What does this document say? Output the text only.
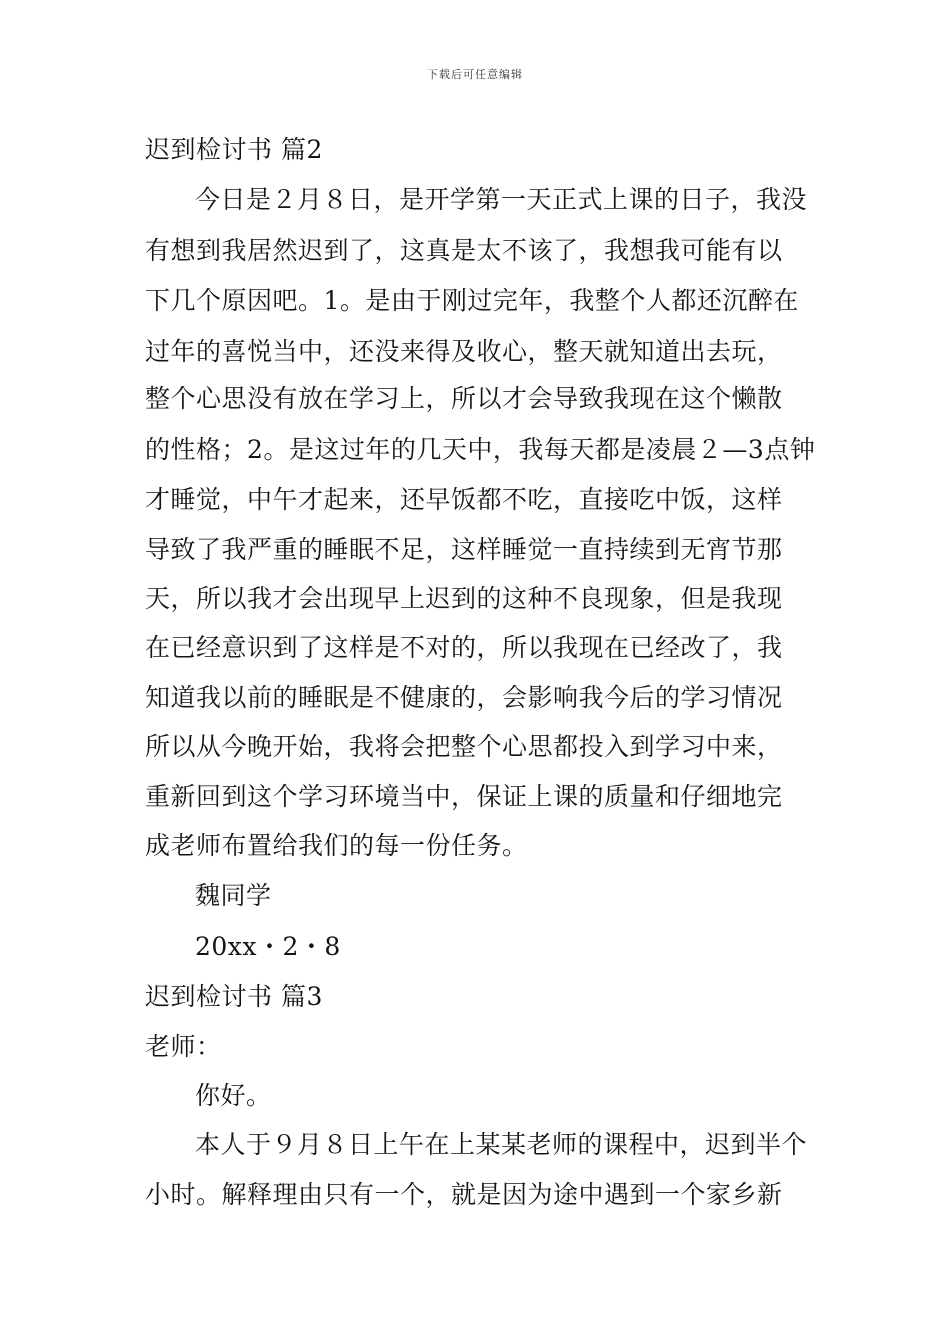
下载后可任意编辑
迟到检讨书 篇2
今日是２月８日，是开学第一天正式上课的日子，我没
有想到我居然迟到了，这真是太不该了，我想我可能有以
下几个原因吧。1。是由于刚过完年，我整个人都还沉醉在
过年的喜悦当中，还没来得及收心，整天就知道出去玩，
整个心思没有放在学习上，所以才会导致我现在这个懒散
的性格；2。是这过年的几天中，我每天都是凌晨２—3点钟
才睡觉，中午才起来，还早饭都不吃，直接吃中饭，这样
导致了我严重的睡眠不足，这样睡觉一直持续到无宵节那
天，所以我才会出现早上迟到的这种不良现象，但是我现
在已经意识到了这样是不对的，所以我现在已经改了，我
知道我以前的睡眠是不健康的，会影响我今后的学习情况
所以从今晚开始，我将会把整个心思都投入到学习中来，
重新回到这个学习环境当中，保证上课的质量和仔细地完
成老师布置给我们的每一份任务。
魏同学
20xx・2・8
迟到检讨书 篇3
老师：
你好。
本人于９月８日上午在上某某老师的课程中，迟到半个
小时。解释理由只有一个，就是因为途中遇到一个家乡新
